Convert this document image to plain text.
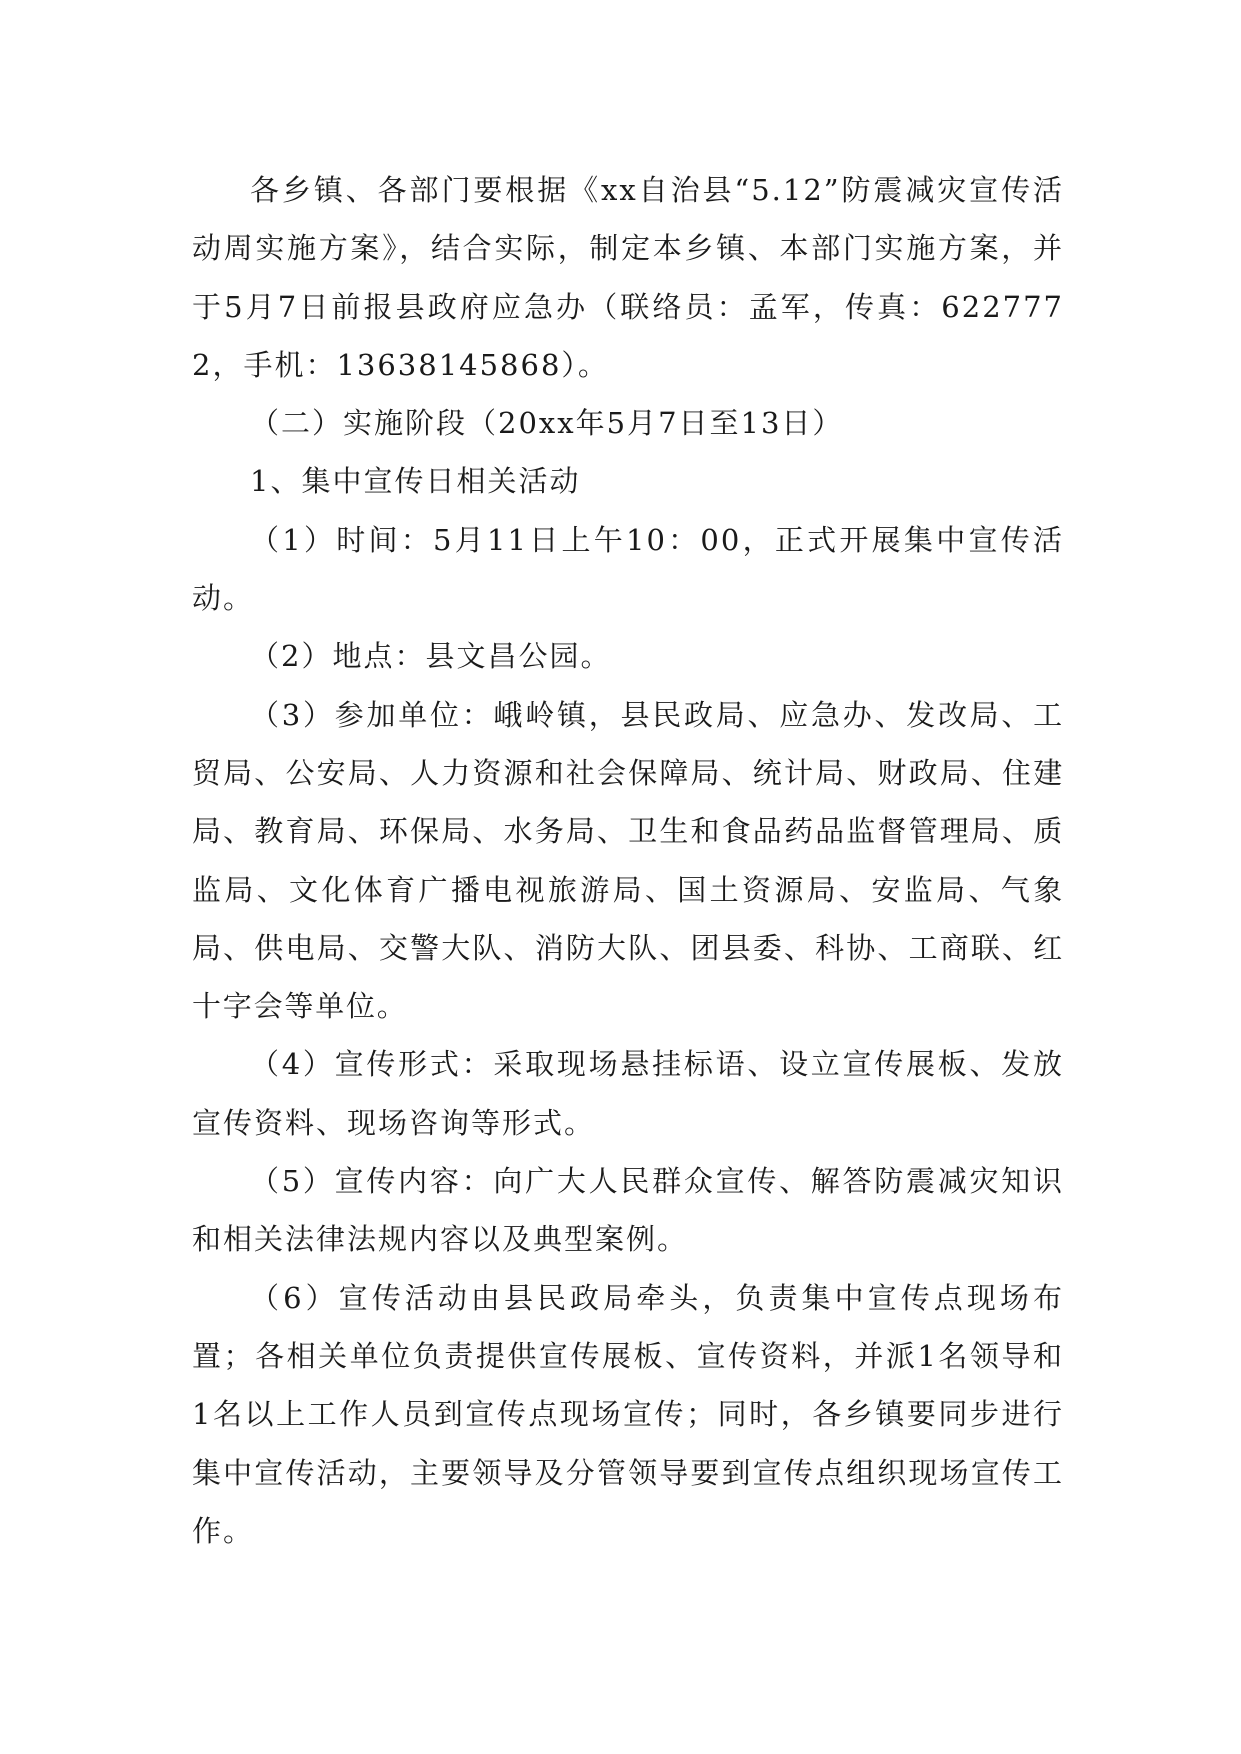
各乡镇、各部门要根据《xx自治县“5.12”防震减灾宣传活动周实施方案》，结合实际，制定本乡镇、本部门实施方案，并于5月7日前报县政府应急办（联络员：孟军，传真：6227772，手机：13638145868）。

（二）实施阶段（20xx年5月7日至13日）

1、集中宣传日相关活动

（1）时间：5月11日上午10：00，正式开展集中宣传活动。

（2）地点：县文昌公园。

（3）参加单位：峨岭镇，县民政局、应急办、发改局、工贸局、公安局、人力资源和社会保障局、统计局、财政局、住建局、教育局、环保局、水务局、卫生和食品药品监督管理局、质监局、文化体育广播电视旅游局、国土资源局、安监局、气象局、供电局、交警大队、消防大队、团县委、科协、工商联、红十字会等单位。

（4）宣传形式：采取现场悬挂标语、设立宣传展板、发放宣传资料、现场咨询等形式。

（5）宣传内容：向广大人民群众宣传、解答防震减灾知识和相关法律法规内容以及典型案例。

（6）宣传活动由县民政局牵头，负责集中宣传点现场布置；各相关单位负责提供宣传展板、宣传资料，并派1名领导和1名以上工作人员到宣传点现场宣传；同时，各乡镇要同步进行集中宣传活动，主要领导及分管领导要到宣传点组织现场宣传工作。
